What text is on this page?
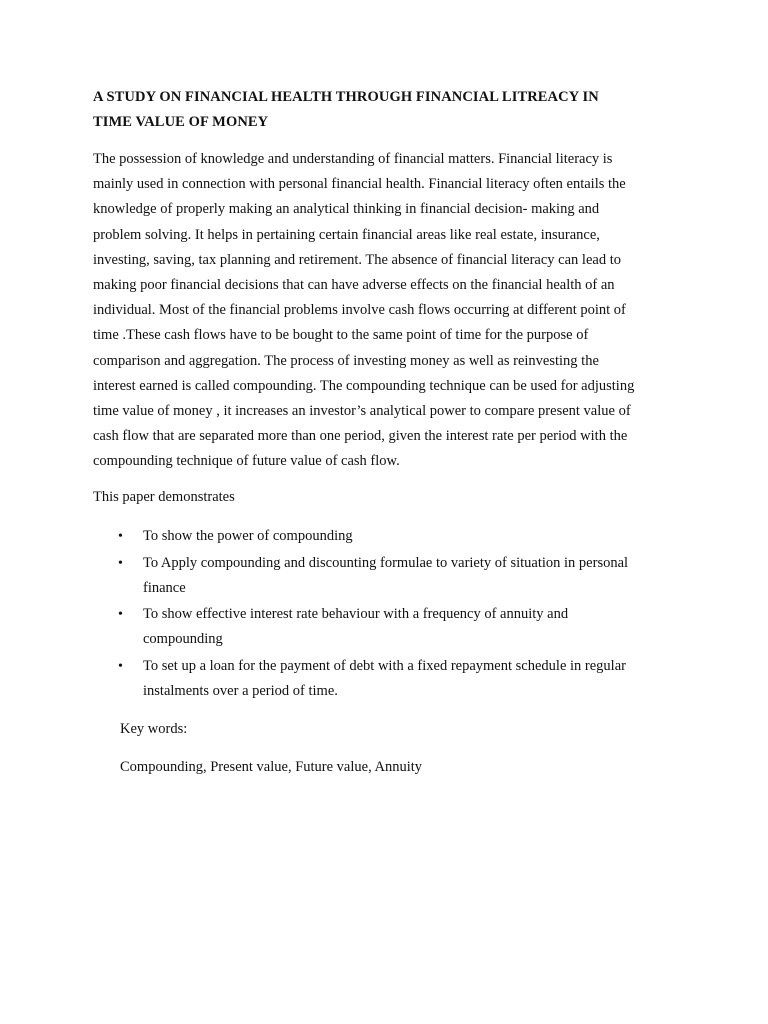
A STUDY ON FINANCIAL HEALTH THROUGH FINANCIAL LITREACY IN
TIME VALUE OF MONEY

The possession of knowledge and understanding of financial matters. Financial literacy is
mainly used in connection with personal financial health. Financial literacy often entails the
knowledge of properly making an analytical thinking in financial decision- making and
problem solving. It helps in pertaining certain financial areas like real estate, insurance,
investing, saving, tax planning and retirement. The absence of financial literacy can lead to
making poor financial decisions that can have adverse effects on the financial health of an
individual. Most of the financial problems involve cash flows occurring at different point of
time .These cash flows have to be bought to the same point of time for the purpose of
comparison and aggregation. The process of investing money as well as reinvesting the
interest earned is called compounding. The compounding technique can be used for adjusting
time value of money , it increases an investor’s analytical power to compare present value of
cash flow that are separated more than one period, given the interest rate per period with the
compounding technique of future value of cash flow.

This paper demonstrates

• To show the power of compounding
• To Apply compounding and discounting formulae to variety of situation in personal
finance
• To show effective interest rate behaviour with a frequency of annuity and
compounding
• To set up a loan for the payment of debt with a fixed repayment schedule in regular
instalments over a period of time.

Key words:

Compounding, Present value, Future value, Annuity
